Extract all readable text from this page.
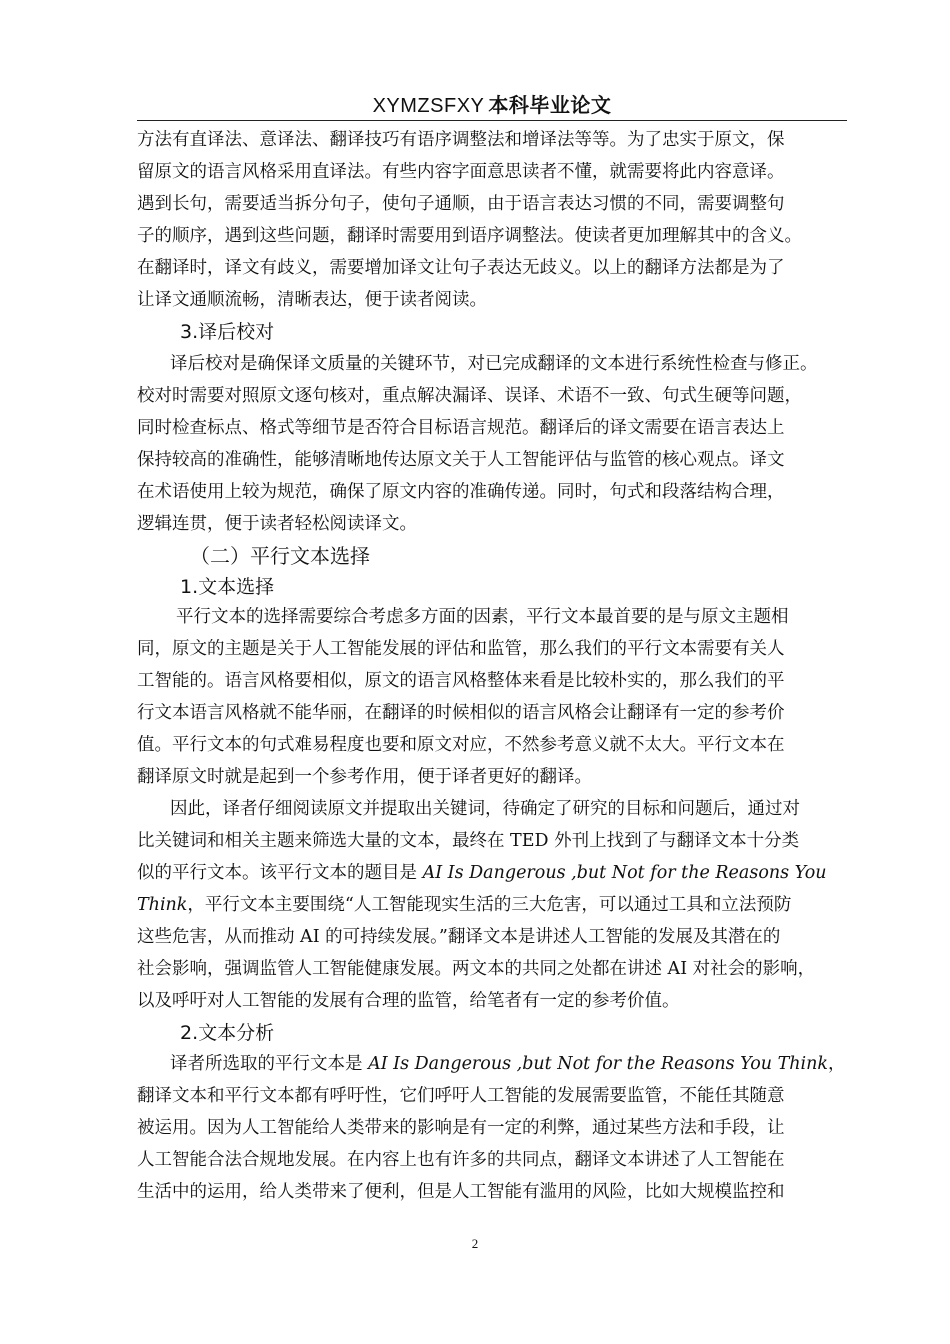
XYMZSFXY 本科毕业论文
方法有直译法、意译法、翻译技巧有语序调整法和增译法等等。为了忠实于原文，保
留原文的语言风格采用直译法。有些内容字面意思读者不懂，就需要将此内容意译。
遇到长句，需要适当拆分句子，使句子通顺，由于语言表达习惯的不同，需要调整句
子的顺序，遇到这些问题，翻译时需要用到语序调整法。使读者更加理解其中的含义。
在翻译时，译文有歧义，需要增加译文让句子表达无歧义。以上的翻译方法都是为了
让译文通顺流畅，清晰表达，便于读者阅读。
3.译后校对
译后校对是确保译文质量的关键环节，对已完成翻译的文本进行系统性检查与修正。
校对时需要对照原文逐句核对，重点解决漏译、误译、术语不一致、句式生硬等问题，
同时检查标点、格式等细节是否符合目标语言规范。翻译后的译文需要在语言表达上
保持较高的准确性，能够清晰地传达原文关于人工智能评估与监管的核心观点。译文
在术语使用上较为规范，确保了原文内容的准确传递。同时，句式和段落结构合理，
逻辑连贯，便于读者轻松阅读译文。
（二）平行文本选择
1.文本选择
平行文本的选择需要综合考虑多方面的因素，平行文本最首要的是与原文主题相
同，原文的主题是关于人工智能发展的评估和监管，那么我们的平行文本需要有关人
工智能的。语言风格要相似，原文的语言风格整体来看是比较朴实的，那么我们的平
行文本语言风格就不能华丽，在翻译的时候相似的语言风格会让翻译有一定的参考价
值。平行文本的句式难易程度也要和原文对应，不然参考意义就不太大。平行文本在
翻译原文时就是起到一个参考作用，便于译者更好的翻译。
因此，译者仔细阅读原文并提取出关键词，待确定了研究的目标和问题后，通过对
比关键词和相关主题来筛选大量的文本，最终在 TED 外刊上找到了与翻译文本十分类
似的平行文本。该平行文本的题目是 AI Is Dangerous ,but Not for the Reasons You
Think，平行文本主要围绕“人工智能现实生活的三大危害，可以通过工具和立法预防
这些危害，从而推动 AI 的可持续发展。”翻译文本是讲述人工智能的发展及其潜在的
社会影响，强调监管人工智能健康发展。两文本的共同之处都在讲述 AI 对社会的影响，
以及呼吁对人工智能的发展有合理的监管，给笔者有一定的参考价值。
2.文本分析
译者所选取的平行文本是 AI Is Dangerous ,but Not for the Reasons You Think，
翻译文本和平行文本都有呼吁性，它们呼吁人工智能的发展需要监管，不能任其随意
被运用。因为人工智能给人类带来的影响是有一定的利弊，通过某些方法和手段，让
人工智能合法合规地发展。在内容上也有许多的共同点，翻译文本讲述了人工智能在
生活中的运用，给人类带来了便利，但是人工智能有滥用的风险，比如大规模监控和
2
